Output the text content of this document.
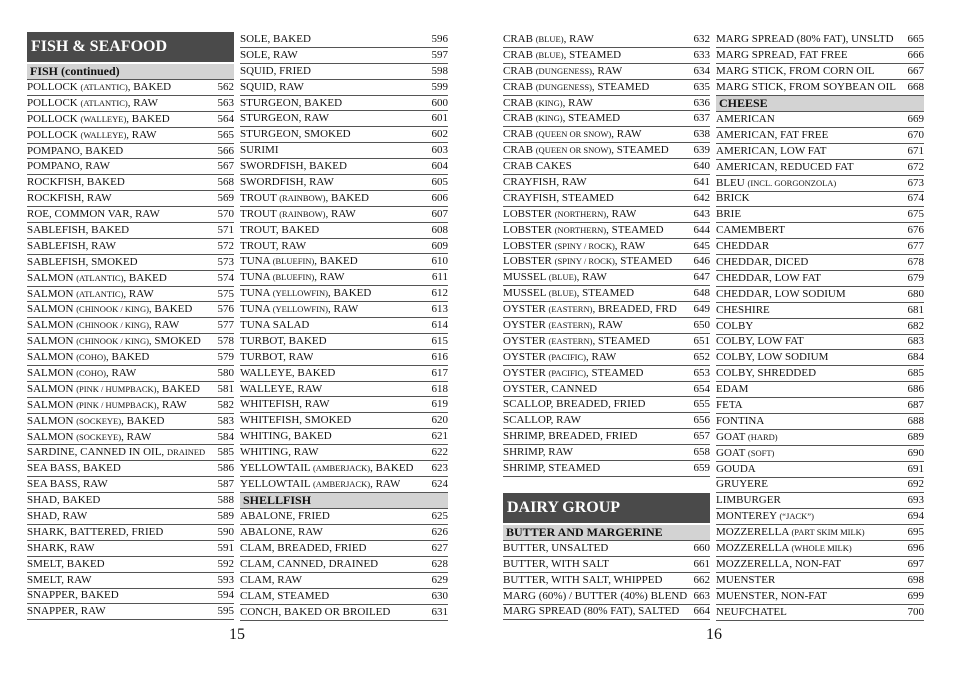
FISH & SEAFOOD
FISH (continued)
POLLOCK (ATLANTIC), BAKED	562
POLLOCK (ATLANTIC), RAW	563
POLLOCK (WALLEYE), BAKED	564
POLLOCK (WALLEYE), RAW	565
POMPANO, BAKED	566
POMPANO, RAW	567
ROCKFISH, BAKED	568
ROCKFISH, RAW	569
ROE, COMMON VAR, RAW	570
SABLEFISH, BAKED	571
SABLEFISH, RAW	572
SABLEFISH, SMOKED	573
SALMON (ATLANTIC), BAKED	574
SALMON (ATLANTIC), RAW	575
SALMON (CHINOOK / KING), BAKED 576
SALMON (CHINOOK / KING), RAW	577
SALMON (CHINOOK / KING), SMOKED 578
SALMON (COHO), BAKED	579
SALMON (COHO), RAW	580
SALMON (PINK / HUMPBACK), BAKED 581
SALMON (PINK / HUMPBACK), RAW	582
SALMON (SOCKEYE), BAKED	583
SALMON (SOCKEYE), RAW	584
SARDINE, CANNED IN OIL, DRAINED 585
SEA BASS, BAKED	586
SEA BASS, RAW	587
SHAD, BAKED	588
SHAD, RAW	589
SHARK, BATTERED, FRIED	590
SHARK, RAW	591
SMELT, BAKED	592
SMELT, RAW	593
SNAPPER, BAKED	594
SNAPPER, RAW	595
SOLE, BAKED	596
SOLE, RAW	597
SQUID, FRIED	598
SQUID, RAW	599
STURGEON, BAKED	600
STURGEON, RAW	601
STURGEON, SMOKED	602
SURIMI	603
SWORDFISH, BAKED	604
SWORDFISH, RAW	605
TROUT (RAINBOW), BAKED	606
TROUT (RAINBOW), RAW	607
TROUT, BAKED	608
TROUT, RAW	609
TUNA (BLUEFIN), BAKED	610
TUNA (BLUEFIN), RAW	611
TUNA (YELLOWFIN), BAKED	612
TUNA (YELLOWFIN), RAW	613
TUNA SALAD	614
TURBOT, BAKED	615
TURBOT, RAW	616
WALLEYE, BAKED	617
WALLEYE, RAW	618
WHITEFISH, RAW	619
WHITEFISH, SMOKED	620
WHITING, BAKED	621
WHITING, RAW	622
YELLOWTAIL (AMBERJACK), BAKED 623
YELLOWTAIL (AMBERJACK), RAW	624
SHELLFISH
ABALONE, FRIED	625
ABALONE, RAW	626
CLAM, BREADED, FRIED	627
CLAM, CANNED, DRAINED	628
CLAM, RAW	629
CLAM, STEAMED	630
CONCH, BAKED OR BROILED	631
15
CRAB (BLUE), RAW	632
CRAB (BLUE), STEAMED	633
CRAB (DUNGENESS), RAW	634
CRAB (DUNGENESS), STEAMED	635
CRAB (KING), RAW	636
CRAB (KING), STEAMED	637
CRAB (QUEEN OR SNOW), RAW	638
CRAB (QUEEN OR SNOW), STEAMED 639
CRAB CAKES	640
CRAYFISH, RAW	641
CRAYFISH, STEAMED	642
LOBSTER (NORTHERN), RAW	643
LOBSTER (NORTHERN), STEAMED	644
LOBSTER (SPINY / ROCK), RAW	645
LOBSTER (SPINY / ROCK), STEAMED 646
MUSSEL (BLUE), RAW	647
MUSSEL (BLUE), STEAMED	648
OYSTER (EASTERN), BREADED, FRD 649
OYSTER (EASTERN), RAW	650
OYSTER (EASTERN), STEAMED	651
OYSTER (PACIFIC), RAW	652
OYSTER (PACIFIC), STEAMED	653
OYSTER, CANNED	654
SCALLOP, BREADED, FRIED	655
SCALLOP, RAW	656
SHRIMP, BREADED, FRIED	657
SHRIMP, RAW	658
SHRIMP, STEAMED	659
DAIRY GROUP
BUTTER AND MARGERINE
BUTTER, UNSALTED	660
BUTTER, WITH SALT	661
BUTTER, WITH SALT, WHIPPED	662
MARG (60%) / BUTTER (40%) BLEND 663
MARG SPREAD (80% FAT), SALTED 664
MARG SPREAD (80% FAT), UNSLTD 665
MARG SPREAD, FAT FREE	666
MARG STICK, FROM CORN OIL	667
MARG STICK, FROM SOYBEAN OIL 668
CHEESE
AMERICAN	669
AMERICAN, FAT FREE	670
AMERICAN, LOW FAT	671
AMERICAN, REDUCED FAT	672
BLEU (INCL. GORGONZOLA)	673
BRICK	674
BRIE	675
CAMEMBERT	676
CHEDDAR	677
CHEDDAR, DICED	678
CHEDDAR, LOW FAT	679
CHEDDAR, LOW SODIUM	680
CHESHIRE	681
COLBY	682
COLBY, LOW FAT	683
COLBY, LOW SODIUM	684
COLBY, SHREDDED	685
EDAM	686
FETA	687
FONTINA	688
GOAT (HARD)	689
GOAT (SOFT)	690
GOUDA	691
GRUYERE	692
LIMBURGER	693
MONTEREY (“JACK”)	694
MOZZERELLA (PART SKIM MILK)	695
MOZZERELLA (WHOLE MILK)	696
MOZZERELLA, NON-FAT	697
MUENSTER	698
MUENSTER, NON-FAT	699
NEUFCHATEL	700
16
